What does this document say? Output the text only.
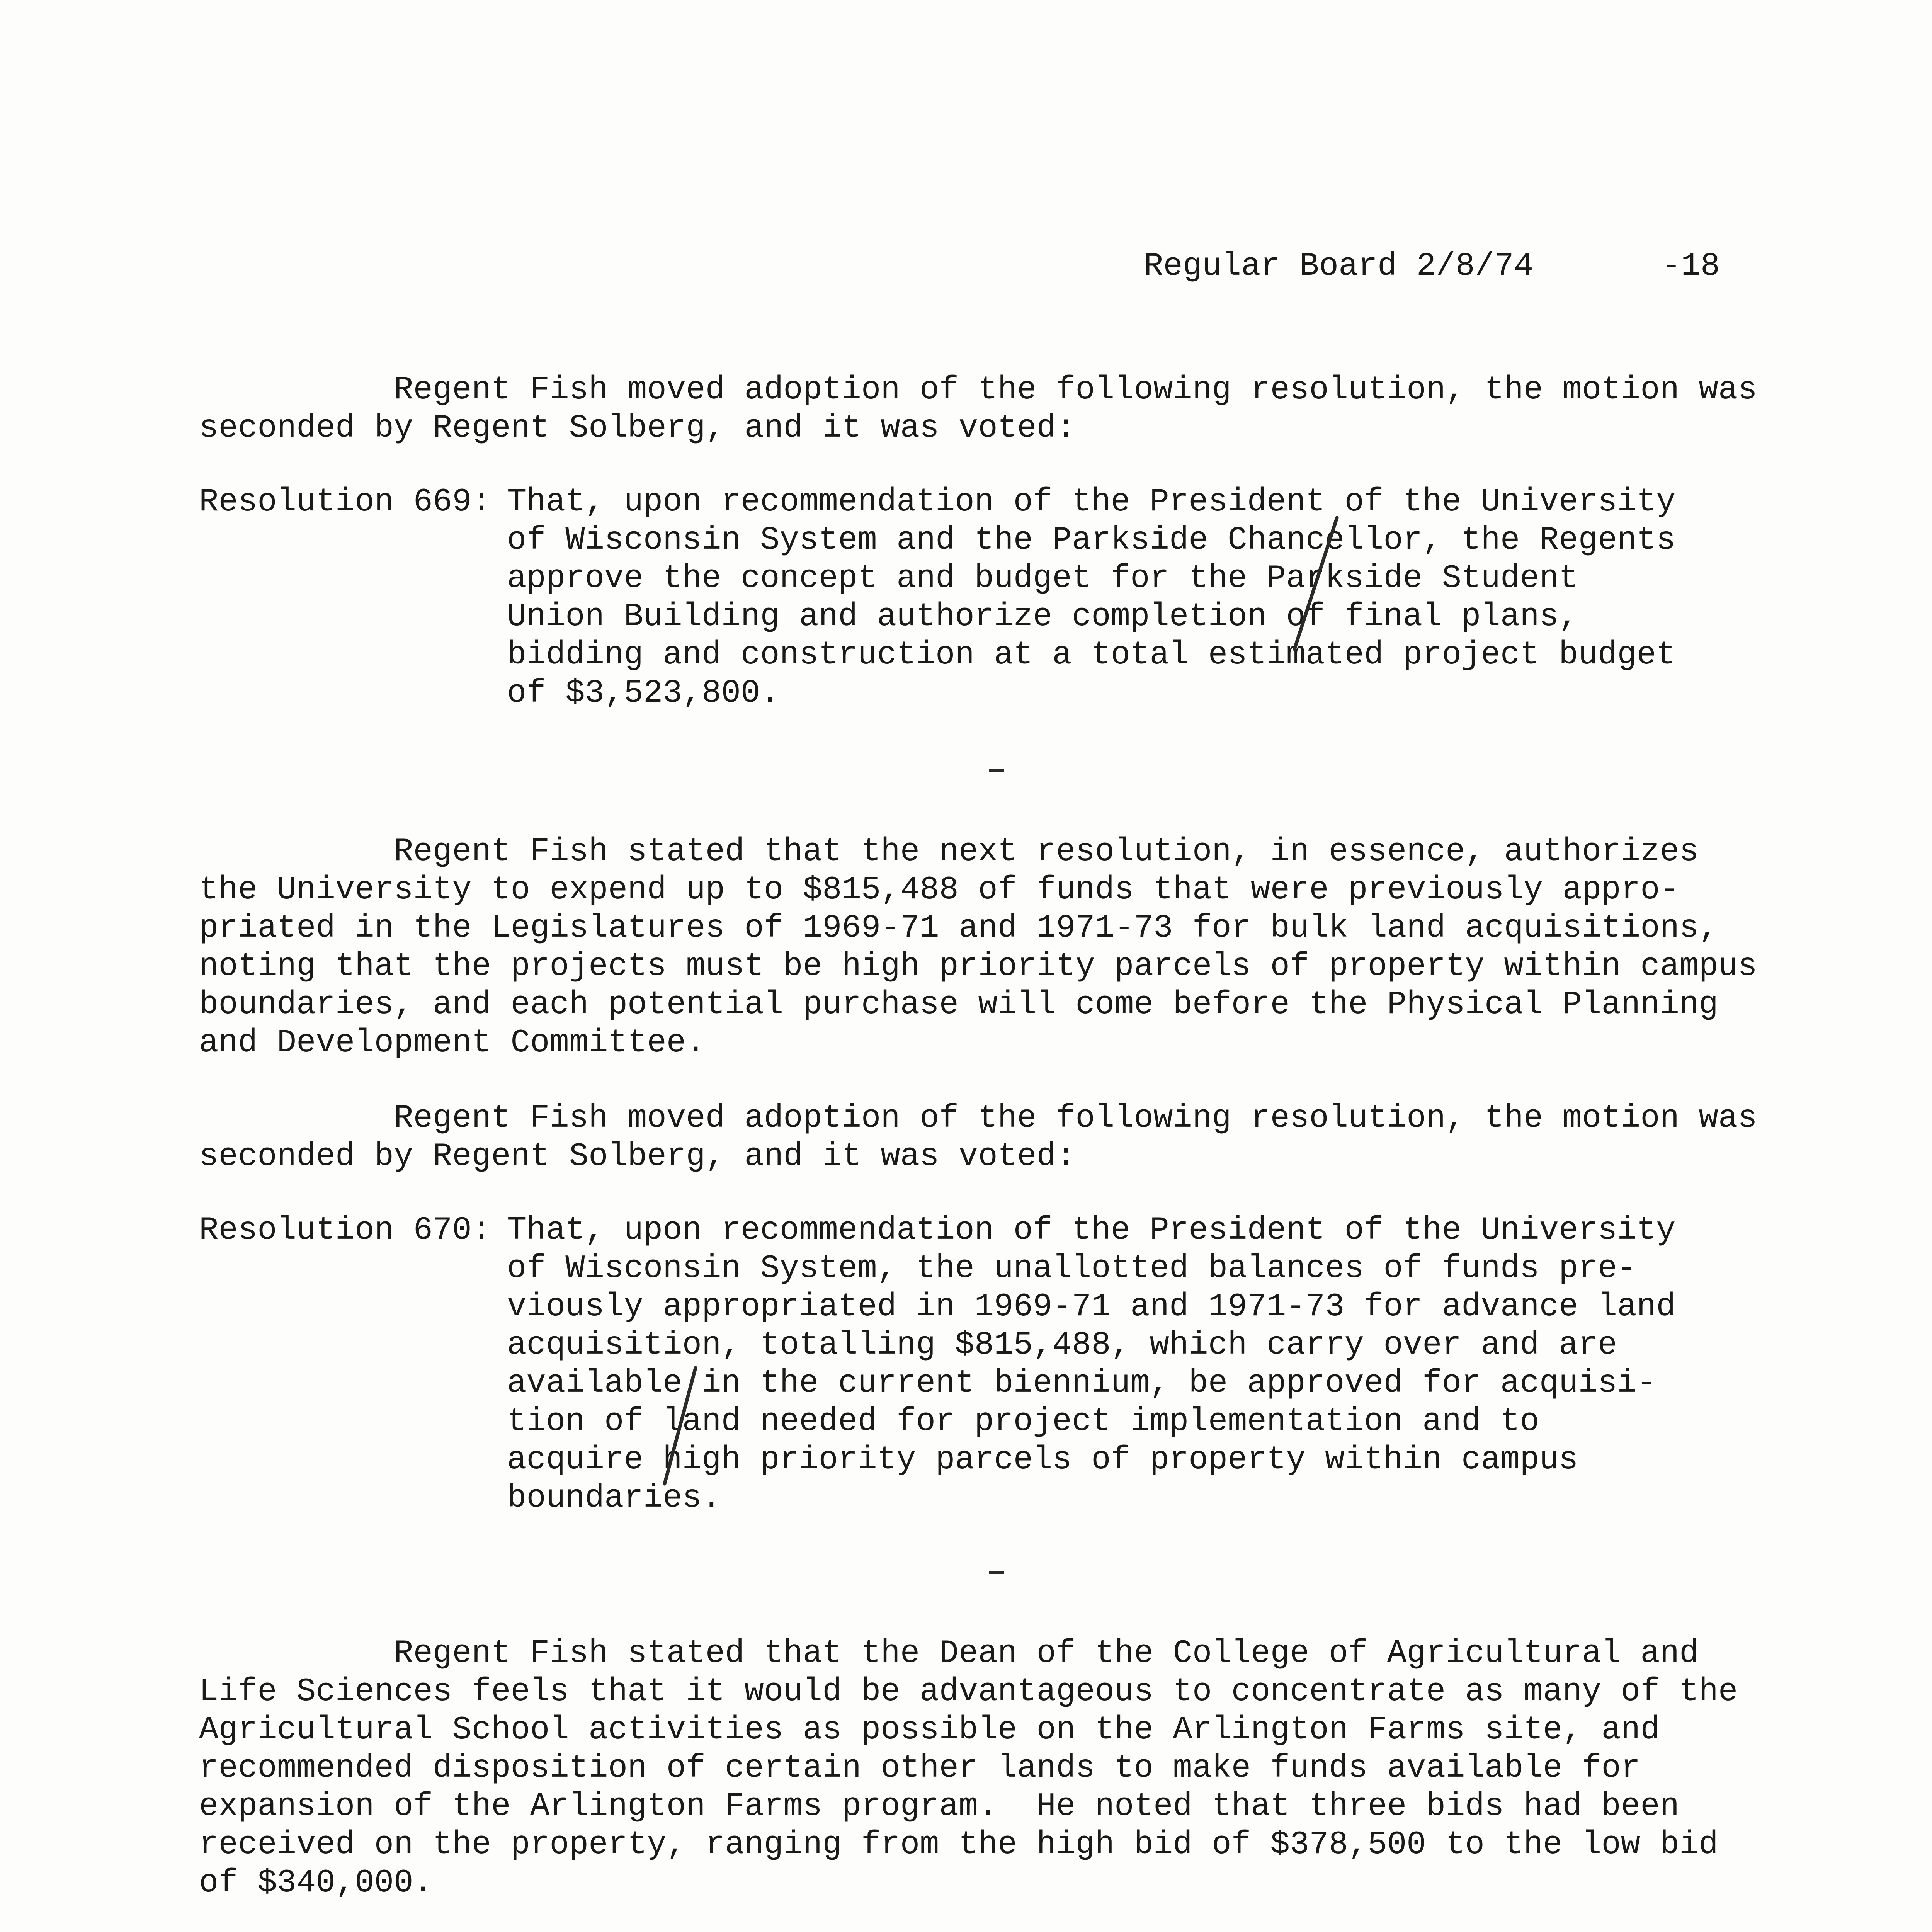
Regular Board 2/8/74	-18
Regent Fish moved adoption of the following resolution, the motion was
seconded by Regent Solberg, and it was voted:
Resolution 669: That, upon recommendation of the President of the University
of Wisconsin System and the Parkside Chancellor, the Regents
approve the concept and budget for the Parkside Student
Union Building and authorize completion of final plans,
bidding and construction at a total estimated project budget
of $3,523,800.
Regent Fish stated that the next resolution, in essence, authorizes
the University to expend up to $815,488 of funds that were previously appro-
priated in the Legislatures of 1969-71 and 1971-73 for bulk land acquisitions,
noting that the projects must be high priority parcels of property within campus
boundaries, and each potential purchase will come before the Physical Planning
and Development Committee.
Regent Fish moved adoption of the following resolution, the motion was
seconded by Regent Solberg, and it was voted:
Resolution 670: That, upon recommendation of the President of the University
of Wisconsin System, the unallotted balances of funds pre-
viously appropriated in 1969-71 and 1971-73 for advance land
acquisition, totalling $815,488, which carry over and are
available in the current biennium, be approved for acquisi-
tion of land needed for project implementation and to
acquire high priority parcels of property within campus
boundaries.
Regent Fish stated that the Dean of the College of Agricultural and
Life Sciences feels that it would be advantageous to concentrate as many of the
Agricultural School activities as possible on the Arlington Farms site, and
recommended disposition of certain other lands to make funds available for
expansion of the Arlington Farms program.  He noted that three bids had been
received on the property, ranging from the high bid of $378,500 to the low bid
of $340,000.
